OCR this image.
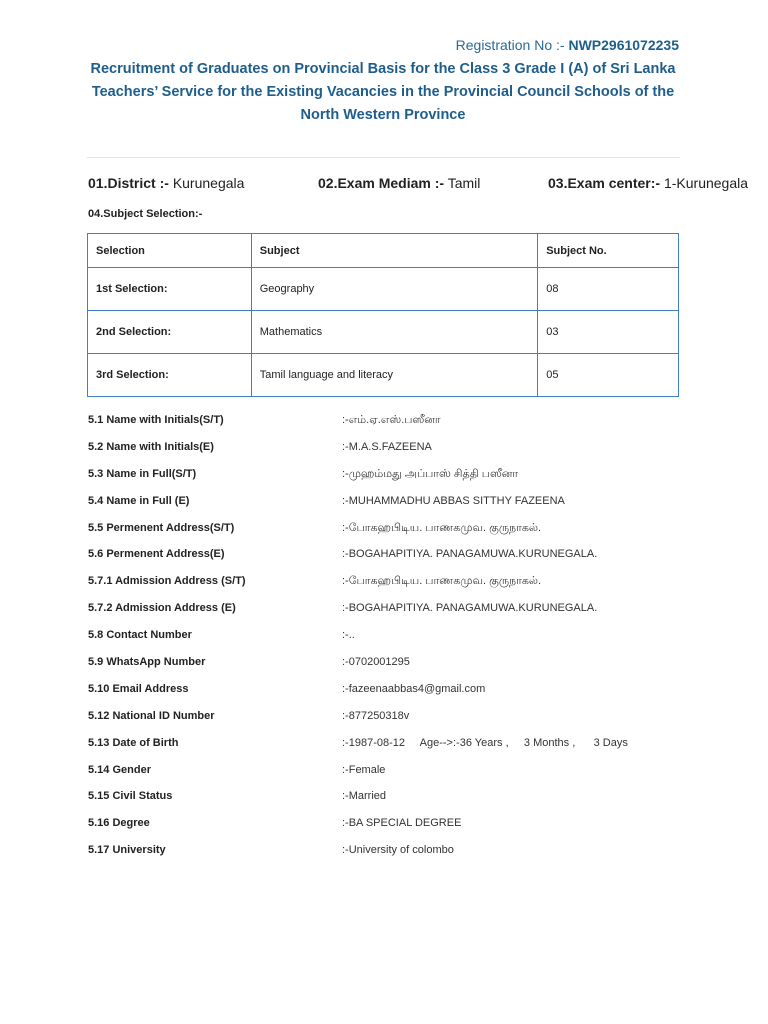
Registration No :- NWP2961072235
Recruitment of Graduates on Provincial Basis for the Class 3 Grade I (A) of Sri Lanka Teachers’ Service for the Existing Vacancies in the Provincial Council Schools of the North Western Province
01.District :- Kurunegala	02.Exam Mediam :- Tamil	03.Exam center:- 1-Kurunegala
04.Subject Selection:-
Selection	Subject	Subject No.
1st Selection:	Geography	08
2nd Selection:	Mathematics	03
3rd Selection:	Tamil language and literacy	05
5.1 Name with Initials(S/T)	:-எம்.ஏ.எஸ்.பஸீனா
5.2 Name with Initials(E)	:-M.A.S.FAZEENA
5.3 Name in Full(S/T)	:-முஹம்மது அப்பாஸ் சித்தி பஸீனா
5.4 Name in Full (E)	:-MUHAMMADHU ABBAS SITTHY FAZEENA
5.5 Permenent Address(S/T)	:-போகஹபிடிய. பாணகமுவ. குருநாகல்.
5.6 Permenent Address(E)	:-BOGAHAPITIYA. PANAGAMUWA.KURUNEGALA.
5.7.1 Admission Address (S/T)	:-போகஹபிடிய. பாணகமுவ. குருநாகல்.
5.7.2 Admission Address (E)	:-BOGAHAPITIYA. PANAGAMUWA.KURUNEGALA.
5.8 Contact Number	:-..
5.9 WhatsApp Number	:-0702001295
5.10 Email Address	:-fazeenaabbas4@gmail.com
5.12 National ID Number	:-877250318v
5.13 Date of Birth	:-1987-08-12     Age-->:-36 Years ,     3 Months ,      3 Days
5.14 Gender	:-Female
5.15 Civil Status	:-Married
5.16 Degree	:-BA SPECIAL DEGREE
5.17 University	:-University of colombo
